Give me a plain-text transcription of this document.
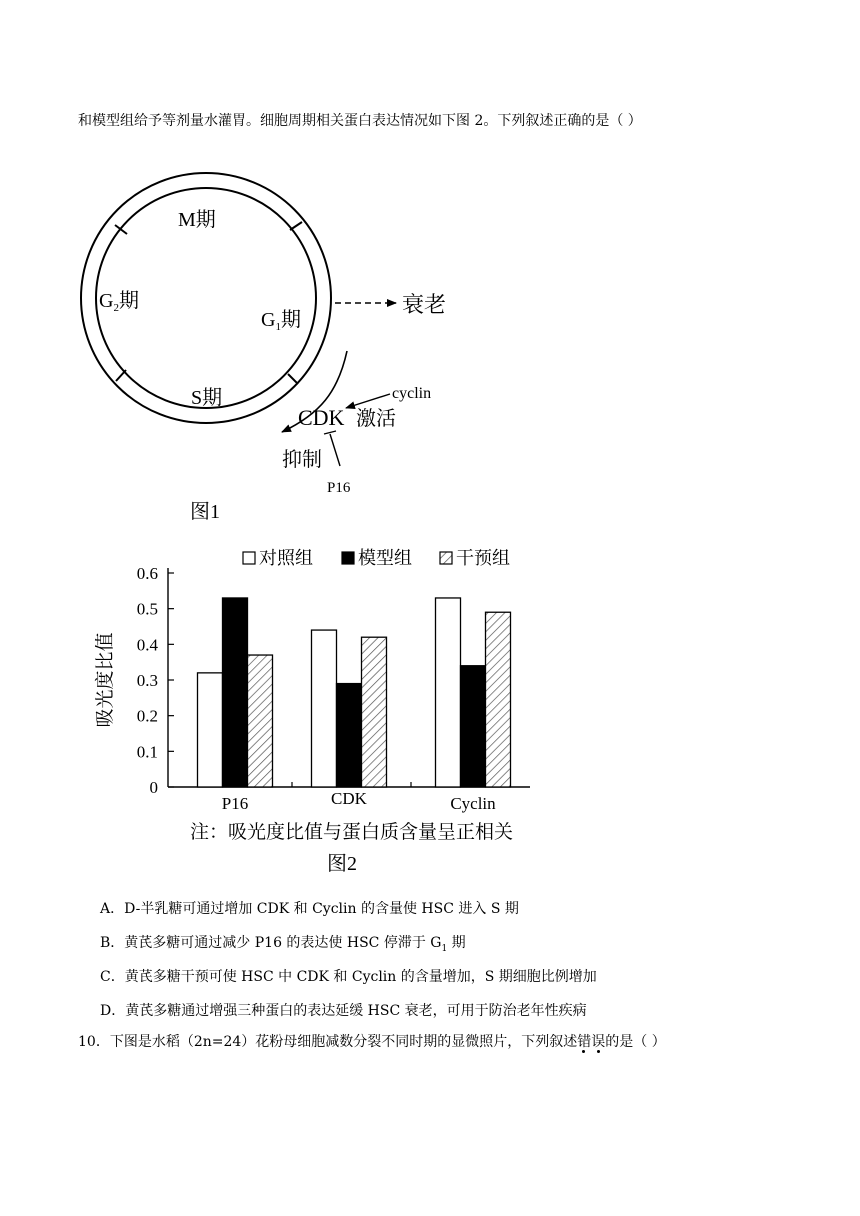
和模型组给予等剂量水灌胃。细胞周期相关蛋白表达情况如下图 2。下列叙述正确的是（ ）
M期
$G_2$期
$G_1$期
S期
衰老
cyclin
CDK 激活
抑制
P16
图1
对照组	模型组 干预组
吸光度比值
0
0.1
0.2
0.3
0.4
0.5
0.6
P16	CDK	Cyclin
注：吸光度比值与蛋白质含量呈正相关
图2
A．D-半乳糖可通过增加 CDK 和 Cyclin 的含量使 HSC 进入 S 期
B．黄芪多糖可通过减少 P16 的表达使 HSC 停滞于 $G_1$ 期
C．黄芪多糖干预可使 HSC 中 CDK 和 Cyclin 的含量增加，S 期细胞比例增加
D．黄芪多糖通过增强三种蛋白的表达延缓 HSC 衰老，可用于防治老年性疾病
10．下图是水稻（2n=24）花粉母细胞减数分裂不同时期的显微照片，下列叙述错误
的是（ ）
